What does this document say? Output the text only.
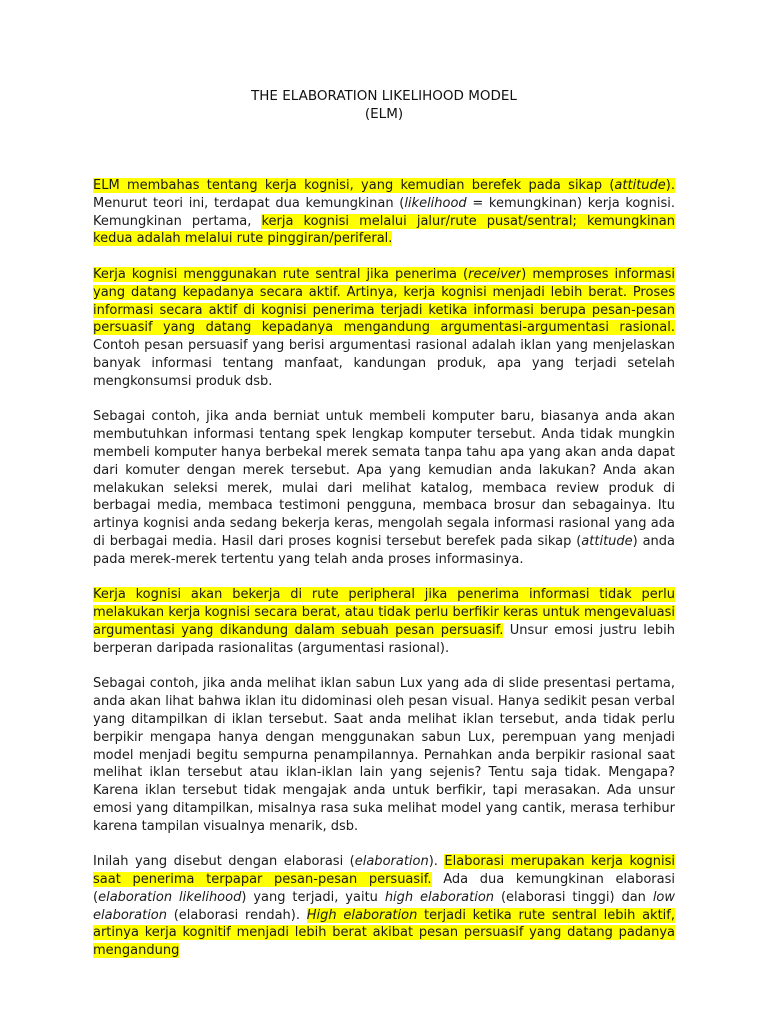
THE ELABORATION LIKELIHOOD MODEL
(ELM)

ELM membahas tentang kerja kognisi, yang kemudian berefek pada sikap (attitude). Menurut teori ini, terdapat dua kemungkinan (likelihood = kemungkinan) kerja kognisi. Kemungkinan pertama, kerja kognisi melalui jalur/rute pusat/sentral; kemungkinan kedua adalah melalui rute pinggiran/periferal.

Kerja kognisi menggunakan rute sentral jika penerima (receiver) memproses informasi yang datang kepadanya secara aktif. Artinya, kerja kognisi menjadi lebih berat. Proses informasi secara aktif di kognisi penerima terjadi ketika informasi berupa pesan-pesan persuasif yang datang kepadanya mengandung argumentasi-argumentasi rasional. Contoh pesan persuasif yang berisi argumentasi rasional adalah iklan yang menjelaskan banyak informasi tentang manfaat, kandungan produk, apa yang terjadi setelah mengkonsumsi produk dsb.

Sebagai contoh, jika anda berniat untuk membeli komputer baru, biasanya anda akan membutuhkan informasi tentang spek lengkap komputer tersebut. Anda tidak mungkin membeli komputer hanya berbekal merek semata tanpa tahu apa yang akan anda dapat dari komuter dengan merek tersebut. Apa yang kemudian anda lakukan? Anda akan melakukan seleksi merek, mulai dari melihat katalog, membaca review produk di berbagai media, membaca testimoni pengguna, membaca brosur dan sebagainya. Itu artinya kognisi anda sedang bekerja keras, mengolah segala informasi rasional yang ada di berbagai media. Hasil dari proses kognisi tersebut berefek pada sikap (attitude) anda pada merek-merek tertentu yang telah anda proses informasinya.

Kerja kognisi akan bekerja di rute peripheral jika penerima informasi tidak perlu melakukan kerja kognisi secara berat, atau tidak perlu berfikir keras untuk mengevaluasi argumentasi yang dikandung dalam sebuah pesan persuasif. Unsur emosi justru lebih berperan daripada rasionalitas (argumentasi rasional).

Sebagai contoh, jika anda melihat iklan sabun Lux yang ada di slide presentasi pertama, anda akan lihat bahwa iklan itu didominasi oleh pesan visual. Hanya sedikit pesan verbal yang ditampilkan di iklan tersebut. Saat anda melihat iklan tersebut, anda tidak perlu berpikir mengapa hanya dengan menggunakan sabun Lux, perempuan yang menjadi model menjadi begitu sempurna penampilannya. Pernahkan anda berpikir rasional saat melihat iklan tersebut atau iklan-iklan lain yang sejenis? Tentu saja tidak. Mengapa? Karena iklan tersebut tidak mengajak anda untuk berfikir, tapi merasakan. Ada unsur emosi yang ditampilkan, misalnya rasa suka melihat model yang cantik, merasa terhibur karena tampilan visualnya menarik, dsb.

Inilah yang disebut dengan elaborasi (elaboration). Elaborasi merupakan kerja kognisi saat penerima terpapar pesan-pesan persuasif. Ada dua kemungkinan elaborasi (elaboration likelihood) yang terjadi, yaitu high elaboration (elaborasi tinggi) dan low elaboration (elaborasi rendah). High elaboration terjadi ketika rute sentral lebih aktif, artinya kerja kognitif menjadi lebih berat akibat pesan persuasif yang datang padanya mengandung
